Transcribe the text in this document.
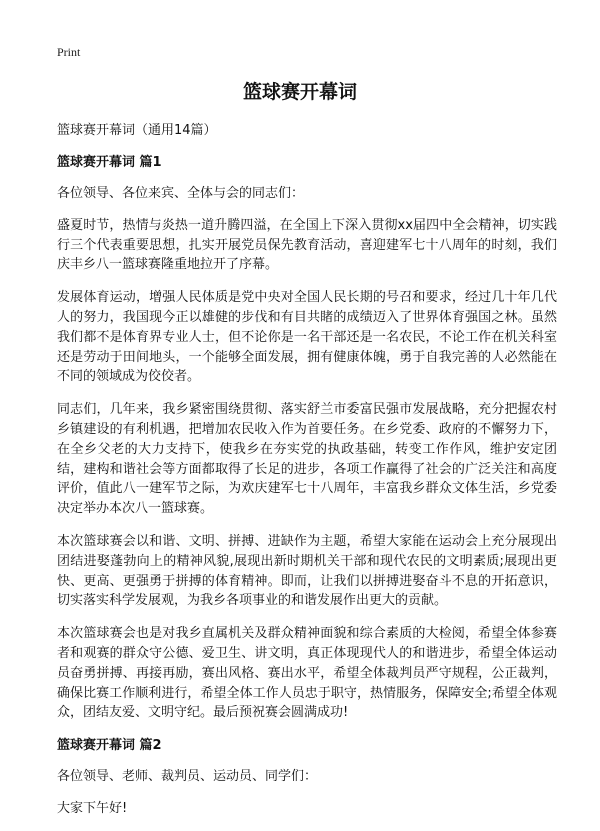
Print
篮球赛开幕词

篮球赛开幕词（通用14篇）

篮球赛开幕词 篇1

各位领导、各位来宾、全体与会的同志们：

盛夏时节，热情与炎热一道升腾四溢，在全国上下深入贯彻xx届四中全会精神，切实践行三个代表重要思想，扎实开展党员保先教育活动，喜迎建军七十八周年的时刻，我们庆丰乡八一篮球赛隆重地拉开了序幕。

发展体育运动，增强人民体质是党中央对全国人民长期的号召和要求，经过几十年几代人的努力，我国现今正以雄健的步伐和有目共睹的成绩迈入了世界体育强国之林。虽然我们都不是体育界专业人士，但不论你是一名干部还是一名农民，不论工作在机关科室还是劳动于田间地头，一个能够全面发展，拥有健康体魄，勇于自我完善的人必然能在不同的领域成为佼佼者。

同志们，几年来，我乡紧密围绕贯彻、落实舒兰市委富民强市发展战略，充分把握农村乡镇建设的有利机遇，把增加农民收入作为首要任务。在乡党委、政府的不懈努力下，在全乡父老的大力支持下，使我乡在夯实党的执政基础，转变工作作风，维护安定团结，建构和谐社会等方面都取得了长足的进步，各项工作赢得了社会的广泛关注和高度评价，值此八一建军节之际，为欢庆建军七十八周年，丰富我乡群众文体生活，乡党委决定举办本次八一篮球赛。

本次篮球赛会以和谐、文明、拼搏、进缺作为主题，希望大家能在运动会上充分展现出团结进娶蓬勃向上的精神风貌,展现出新时期机关干部和现代农民的文明素质;展现出更快、更高、更强勇于拼搏的体育精神。即而，让我们以拼搏进娶奋斗不息的开拓意识，切实落实科学发展观，为我乡各项事业的和谐发展作出更大的贡献。

本次篮球赛会也是对我乡直属机关及群众精神面貌和综合素质的大检阅，希望全体参赛者和观赛的群众守公德、爱卫生、讲文明，真正体现现代人的和谐进步，希望全体运动员奋勇拼搏、再接再励，赛出风格、赛出水平，希望全体裁判员严守规程，公正裁判，确保比赛工作顺利进行，希望全体工作人员忠于职守，热情服务，保障安全;希望全体观众，团结友爱、文明守纪。最后预祝赛会圆满成功!

篮球赛开幕词 篇2

各位领导、老师、裁判员、运动员、同学们：

大家下午好!
